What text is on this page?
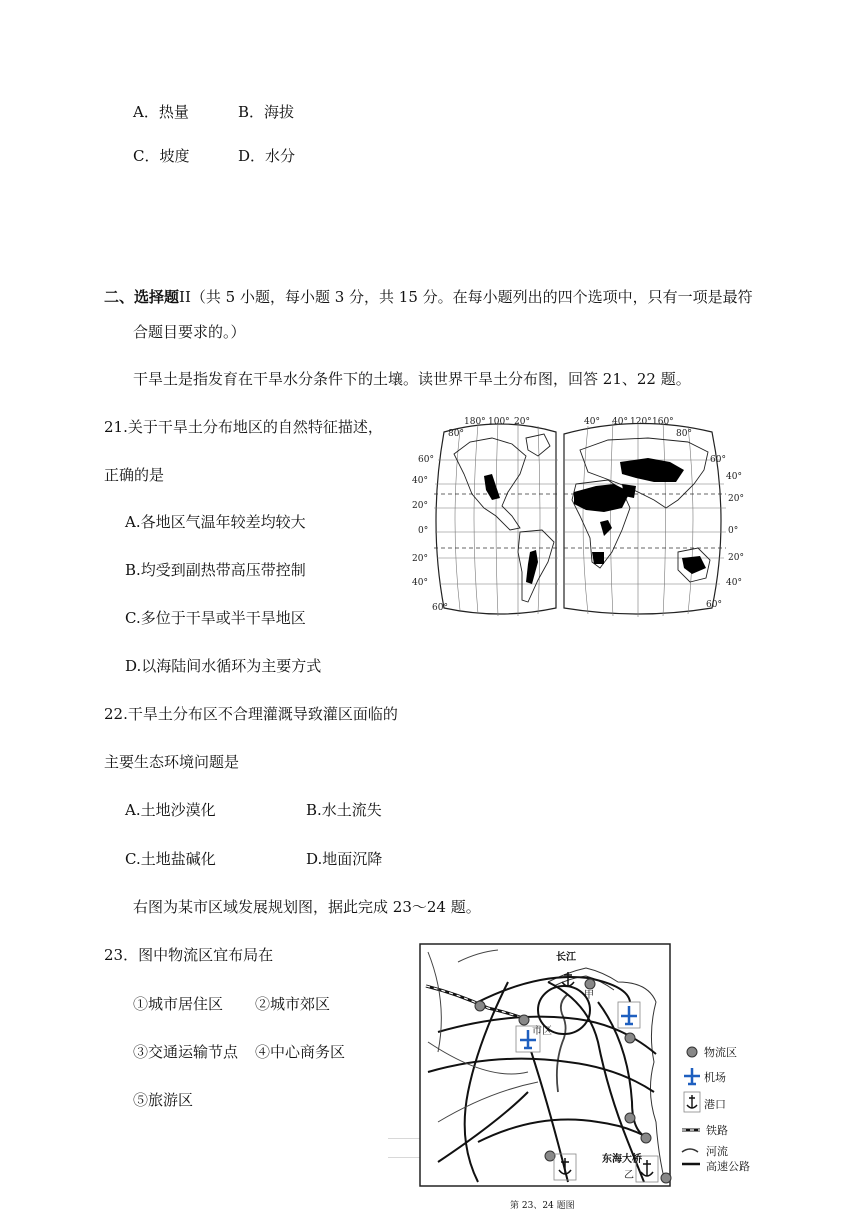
A．热量	B．海拔
C．坡度	D．水分
二、选择题II（共 5 小题，每小题 3 分，共 15 分。在每小题列出的四个选项中，只有一项是最符
合题目要求的。）
干旱土是指发育在干旱水分条件下的土壤。读世界干旱土分布图，回答 21、22 题。
21.关于干旱土分布地区的自然特征描述，
正确的是
A.各地区气温年较差均较大
B.均受到副热带高压带控制
C.多位于干旱或半干旱地区
D.以海陆间水循环为主要方式
22.干旱土分布区不合理灌溉导致灌区面临的
主要生态环境问题是
A.土地沙漠化	B.水土流失
C.土地盐碱化	D.地面沉降
右图为某市区域发展规划图，据此完成 23～24 题。
23．图中物流区宜布局在
①城市居住区 ②城市郊区
③交通运输节点 ④中心商务区
⑤旅游区
180° 100° 20°
80°
40° 40° 120° 160°
80°
60°
40°
20°
0°
20°
40°
60°
60°
40°
20°
0°
20°
40°
60°
长江
甲
市区
东海大桥
乙
第 23、24 题图
物流区
机场
港口
铁路
河流
高速公路
